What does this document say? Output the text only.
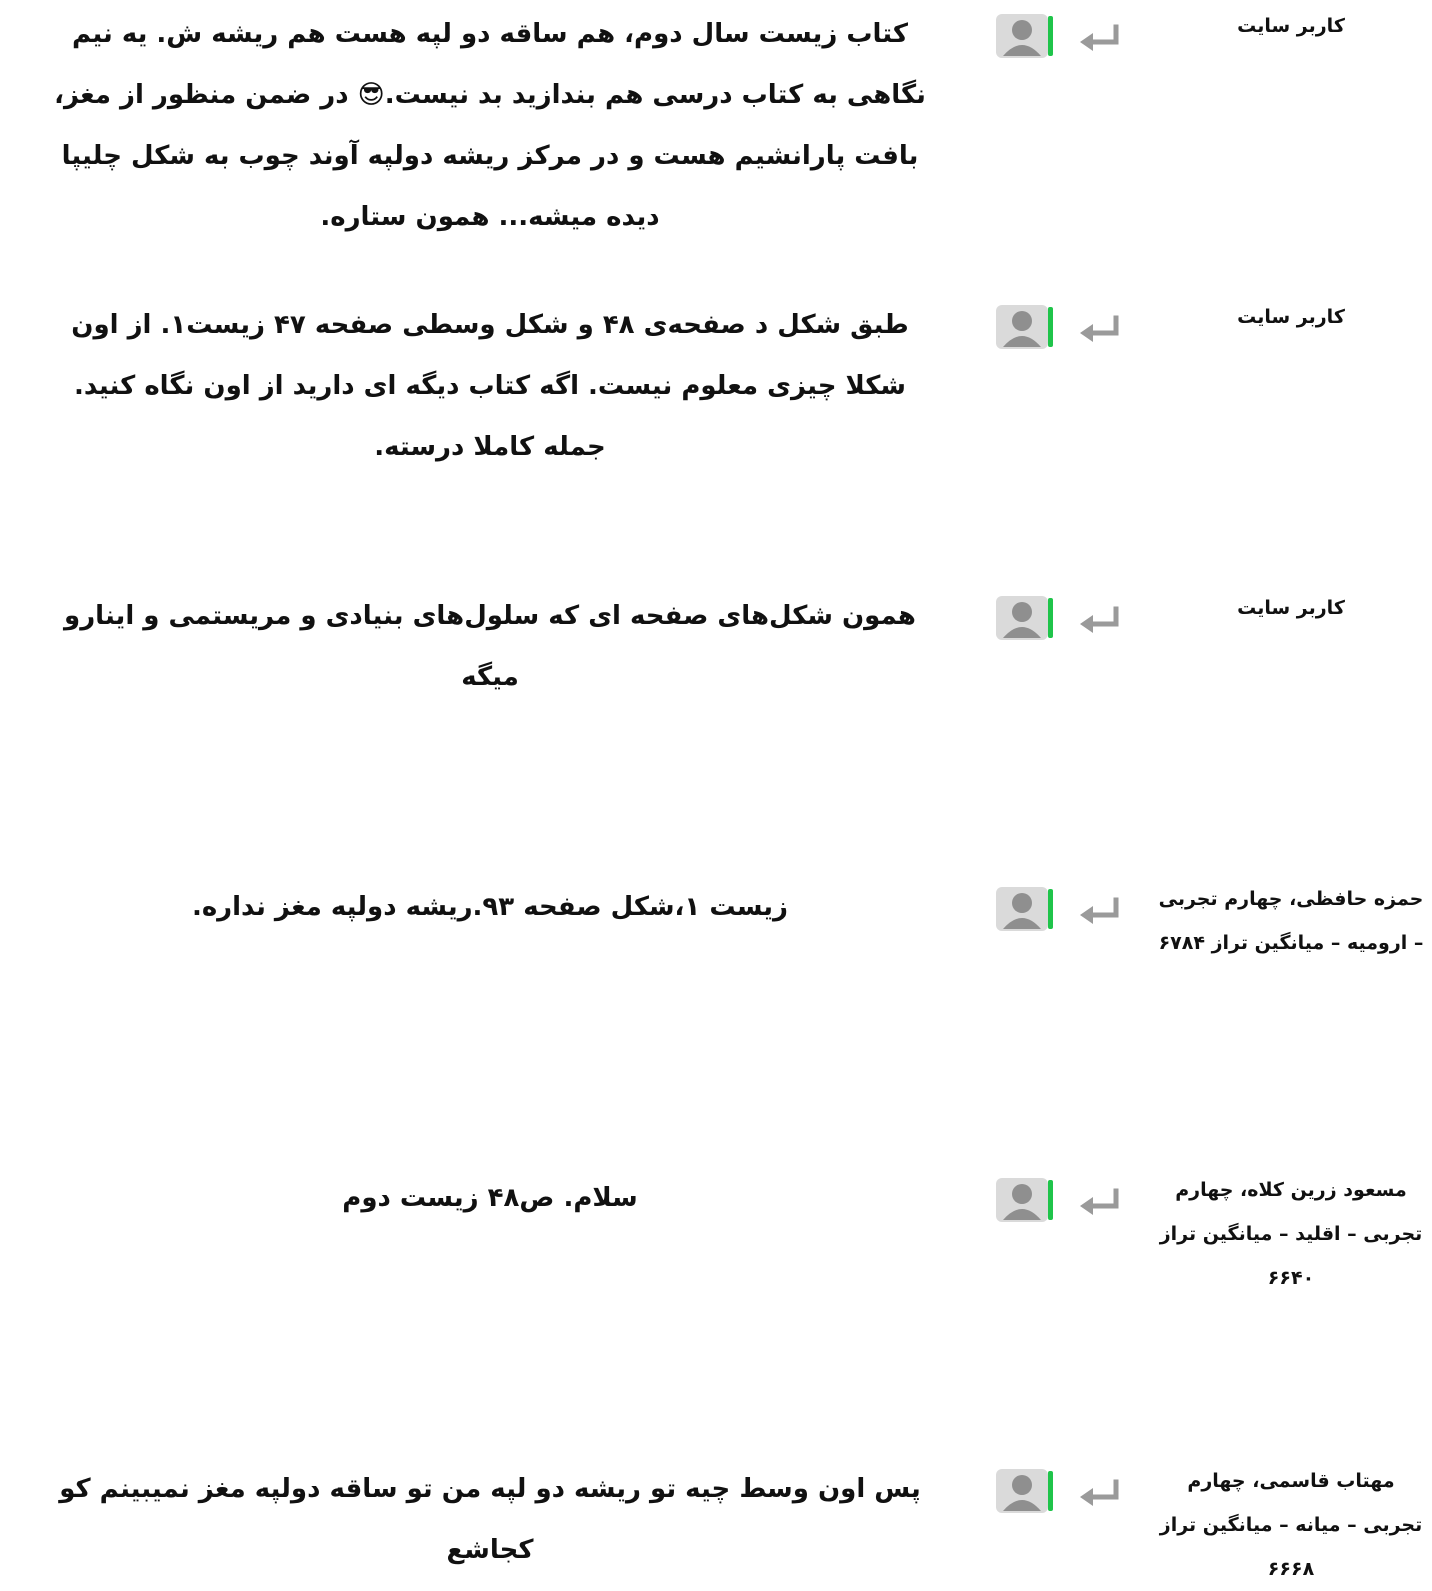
کاربر سایت
کتاب زیست سال دوم، هم ساقه دو لپه هست هم ریشه ش. یه نیم نگاهی به کتاب درسی هم بندازید بد نیست.😎 در ضمن منظور از مغز، بافت پارانشیم هست و در مرکز ریشه دولپه آوند چوب به شکل چلیپا دیده میشه... همون ستاره.
کاربر سایت
طبق شکل د صفحه‌ی ۴۸ و شکل وسطی صفحه ۴۷ زیست۱. از اون شکلا چیزی معلوم نیست. اگه کتاب دیگه ای دارید از اون نگاه کنید. جمله کاملا درسته.
کاربر سایت
همون شکل‌های صفحه ای که سلول‌های بنیادی و مریستمی و اینارو میگه
حمزه حافظی، چهارم تجربی – ارومیه – میانگین تراز ۶۷۸۴
زیست ۱،شکل صفحه ۹۳.ریشه دولپه مغز نداره.
مسعود زرین کلاه، چهارم تجربی – اقلید – میانگین تراز ۶۶۴۰
سلام. ص۴۸ زیست دوم
مهتاب قاسمی، چهارم تجربی – میانه – میانگین تراز ۶۶۶۸
پس اون وسط چیه تو ریشه دو لپه من تو ساقه دولپه مغز نمیبینم کو کجاشع
